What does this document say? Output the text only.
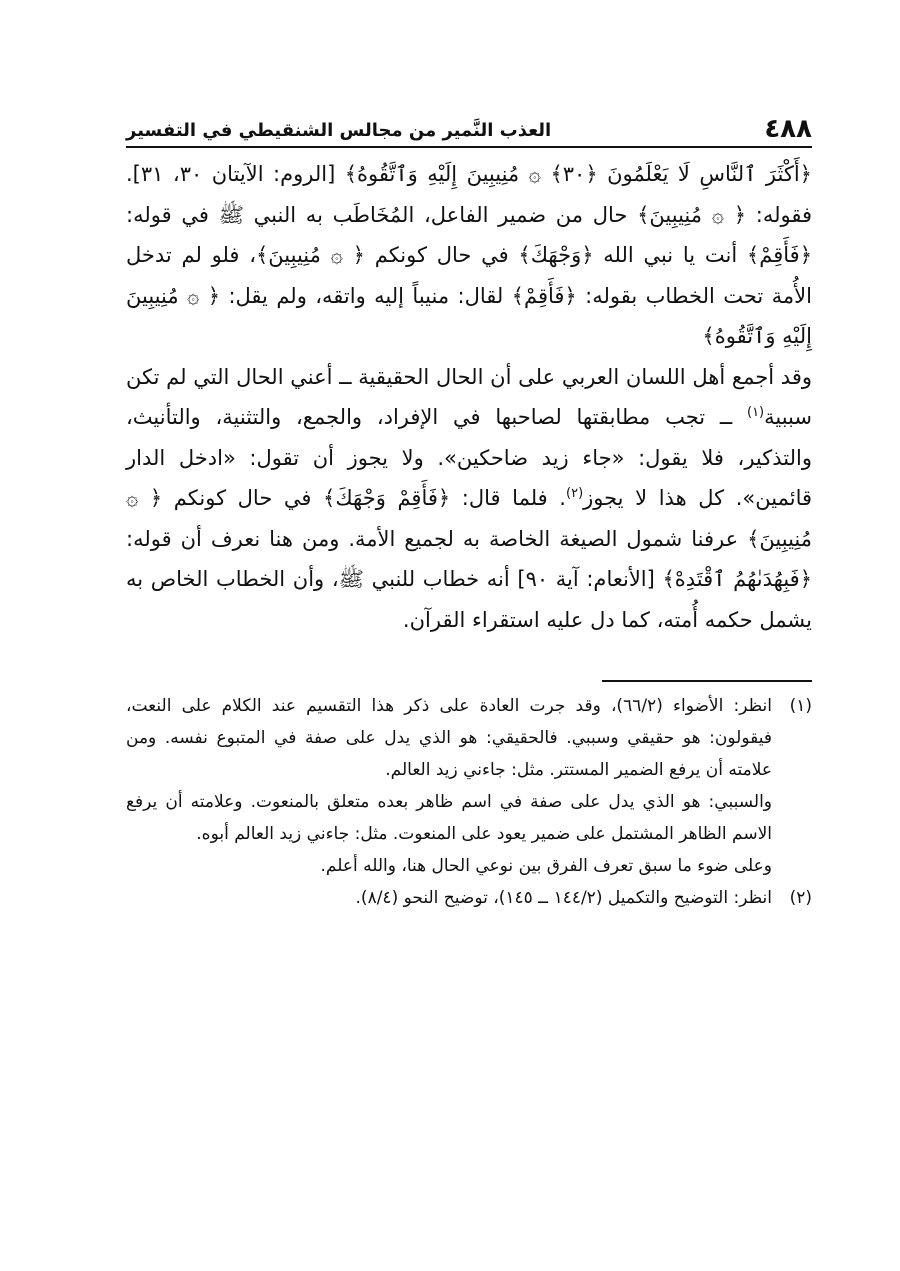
٤٨٨
العذب النَّمير من مجالس الشنقيطي في التفسير

﴿أَكْثَرَ ٱلنَّاسِ لَا يَعْلَمُونَ ﴿٣٠﴾ ۞ مُنِيبِينَ إِلَيْهِ وَٱتَّقُوهُ﴾ [الروم: الآيتان ٣٠، ٣١]. فقوله: ﴿ ۞ مُنِيبِينَ﴾ حال من ضمير الفاعل، المُخَاطَب به النبي ﷺ في قوله: ﴿فَأَقِمْ﴾ أنت يا نبي الله ﴿وَجْهَكَ﴾ في حال كونكم ﴿ ۞ مُنِيبِينَ﴾، فلو لم تدخل الأُمة تحت الخطاب بقوله: ﴿فَأَقِمْ﴾ لقال: منيباً إليه واتقه، ولم يقل: ﴿ ۞ مُنِيبِينَ إِلَيْهِ وَٱتَّقُوهُ﴾

وقد أجمع أهل اللسان العربي على أن الحال الحقيقية ــ أعني الحال التي لم تكن سببية$^{(١)}$ ــ تجب مطابقتها لصاحبها في الإفراد، والجمع، والتثنية، والتأنيث، والتذكير، فلا يقول: «جاء زيد ضاحكين». ولا يجوز أن تقول: «ادخل الدار قائمين». كل هذا لا يجوز$^{(٢)}$. فلما قال: ﴿فَأَقِمْ وَجْهَكَ﴾ في حال كونكم ﴿ ۞ مُنِيبِينَ﴾ عرفنا شمول الصيغة الخاصة به لجميع الأمة. ومن هنا نعرف أن قوله: ﴿فَبِهُدَىٰهُمُ ٱقْتَدِهْ﴾ [الأنعام: آية ٩٠] أنه خطاب للنبي ﷺ، وأن الخطاب الخاص به يشمل حكمه أُمته، كما دل عليه استقراء القرآن.

(١)

انظر: الأضواء (٦٦/٢)، وقد جرت العادة على ذكر هذا التقسيم عند الكلام على النعت، فيقولون: هو حقيقي وسببي. فالحقيقي: هو الذي يدل على صفة في المتبوع نفسه. ومن علامته أن يرفع الضمير المستتر. مثل: جاءني زيد العالم.

والسببي: هو الذي يدل على صفة في اسم ظاهر بعده متعلق بالمنعوت. وعلامته أن يرفع الاسم الظاهر المشتمل على ضمير يعود على المنعوت. مثل: جاءني زيد العالم أبوه.

وعلى ضوء ما سبق تعرف الفرق بين نوعي الحال هنا، والله أعلم.

(٢)

انظر: التوضيح والتكميل (١٤٤/٢ ــ ١٤٥)، توضيح النحو (٨/٤).
